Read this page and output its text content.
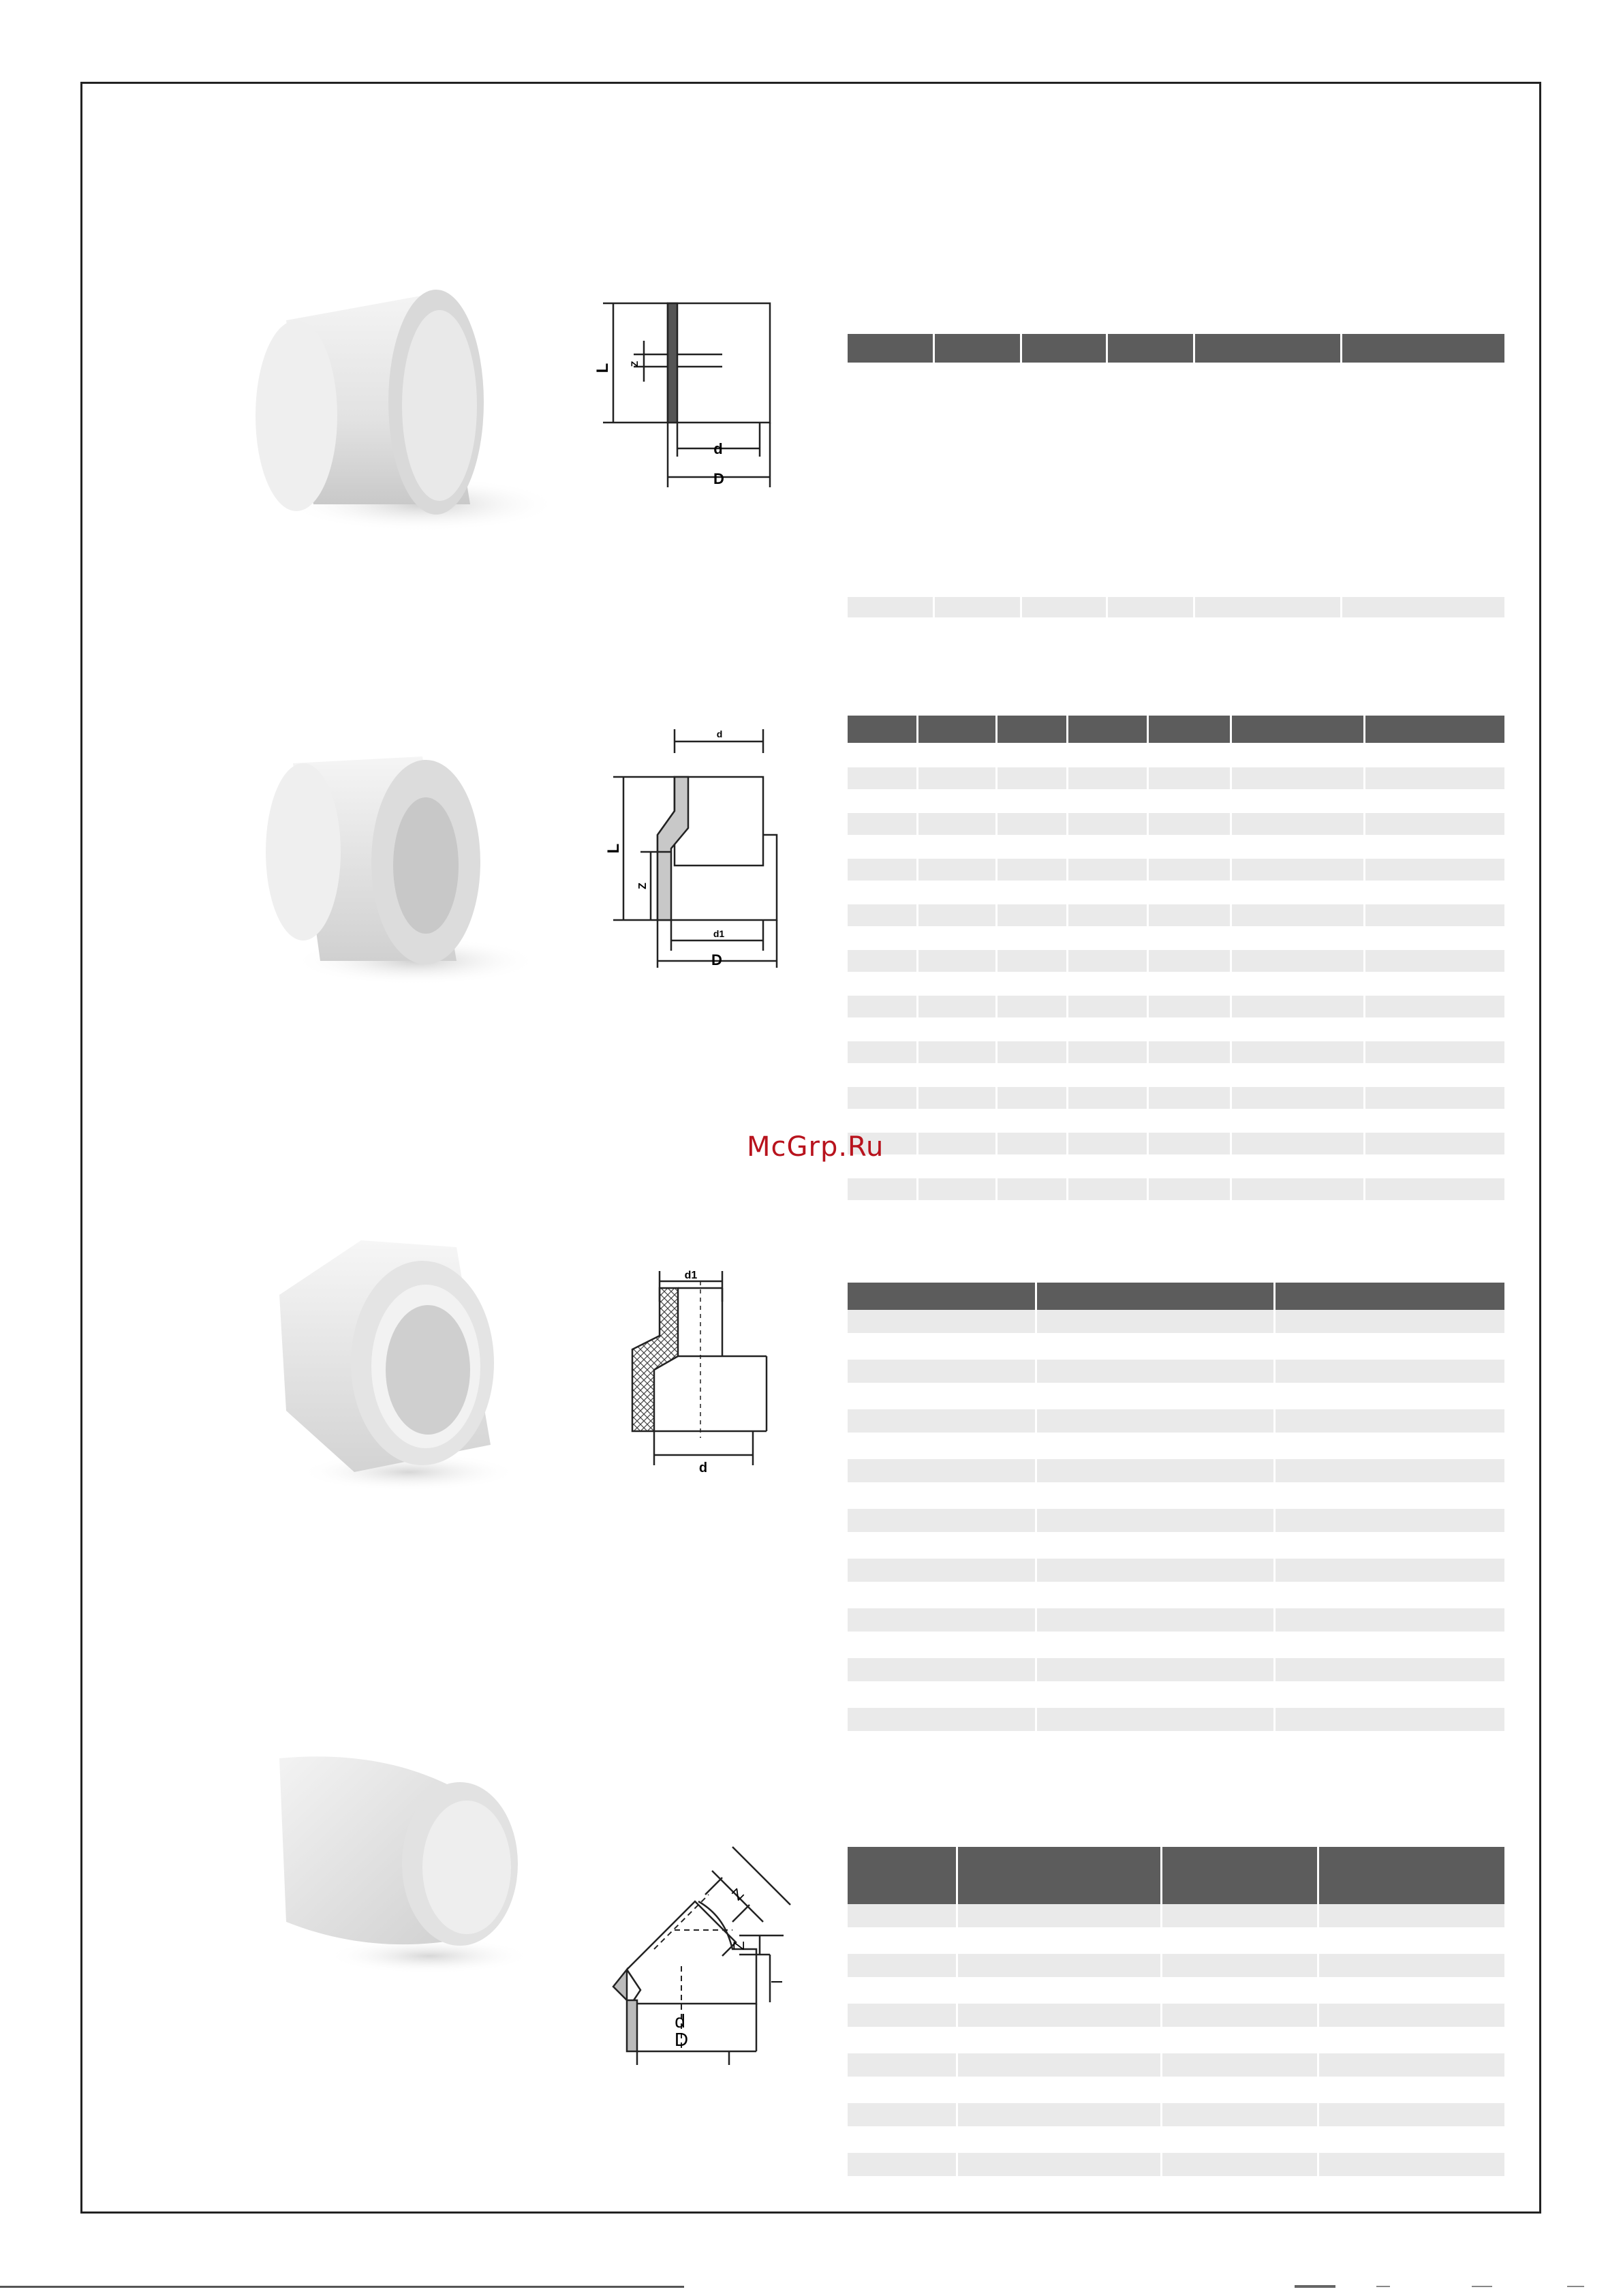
L Z
d
D
d
L
Z
d1
D
d1
d
Z
Z
l
d
D
McGrp.Ru
